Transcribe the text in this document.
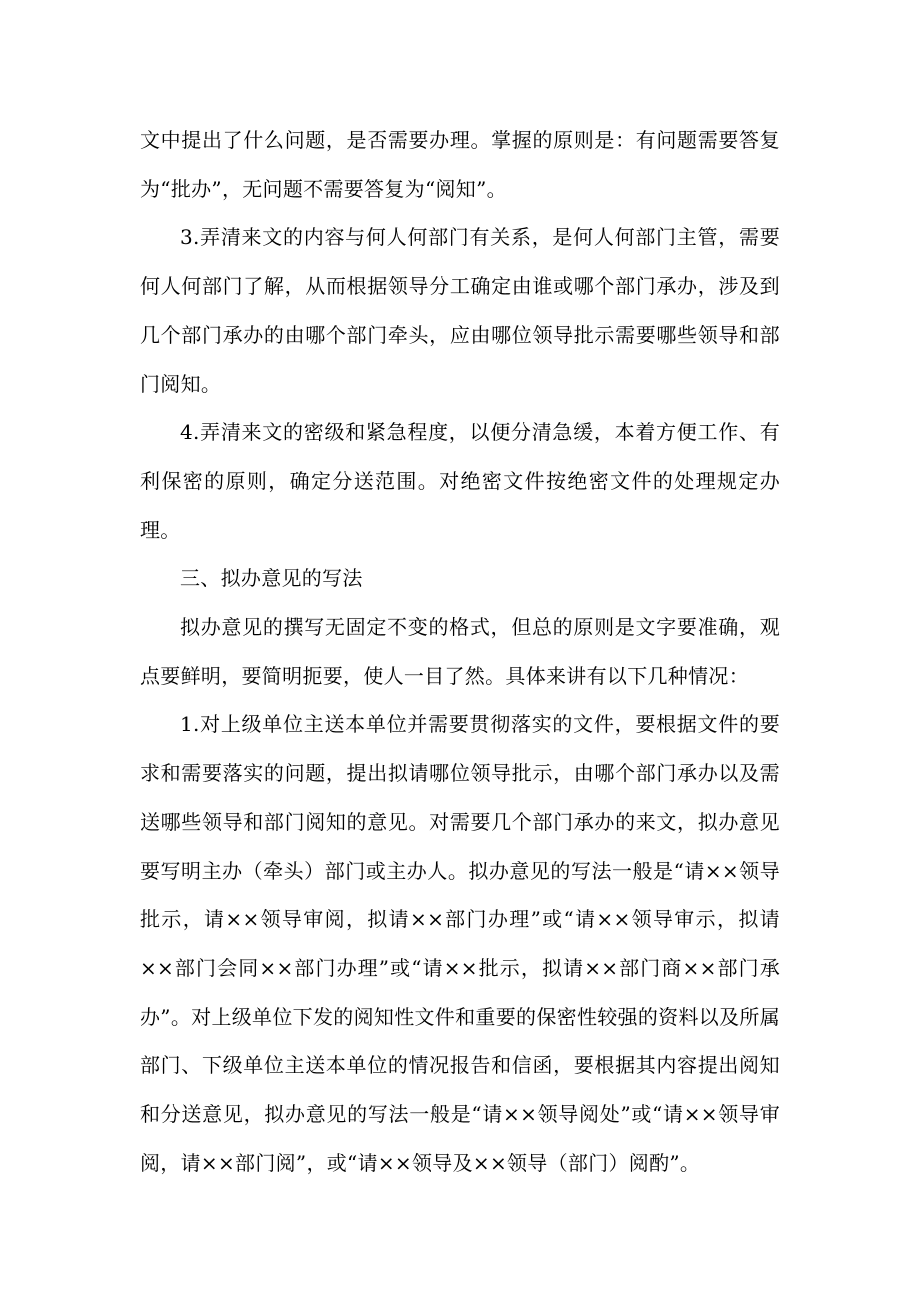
文中提出了什么问题，是否需要办理。掌握的原则是：有问题需要答复为“批办”，无问题不需要答复为“阅知”。

3.弄清来文的内容与何人何部门有关系，是何人何部门主管，需要何人何部门了解，从而根据领导分工确定由谁或哪个部门承办，涉及到几个部门承办的由哪个部门牵头，应由哪位领导批示需要哪些领导和部门阅知。

4.弄清来文的密级和紧急程度，以便分清急缓，本着方便工作、有利保密的原则，确定分送范围。对绝密文件按绝密文件的处理规定办理。

三、拟办意见的写法

拟办意见的撰写无固定不变的格式，但总的原则是文字要准确，观点要鲜明，要简明扼要，使人一目了然。具体来讲有以下几种情况：

1.对上级单位主送本单位并需要贯彻落实的文件，要根据文件的要求和需要落实的问题，提出拟请哪位领导批示，由哪个部门承办以及需送哪些领导和部门阅知的意见。对需要几个部门承办的来文，拟办意见要写明主办（牵头）部门或主办人。拟办意见的写法一般是“请××领导批示，请××领导审阅，拟请××部门办理”或“请××领导审示，拟请××部门会同××部门办理”或“请××批示，拟请××部门商××部门承办”。对上级单位下发的阅知性文件和重要的保密性较强的资料以及所属部门、下级单位主送本单位的情况报告和信函，要根据其内容提出阅知和分送意见，拟办意见的写法一般是“请××领导阅处”或“请××领导审阅，请××部门阅”，或“请××领导及××领导（部门）阅酌”。
